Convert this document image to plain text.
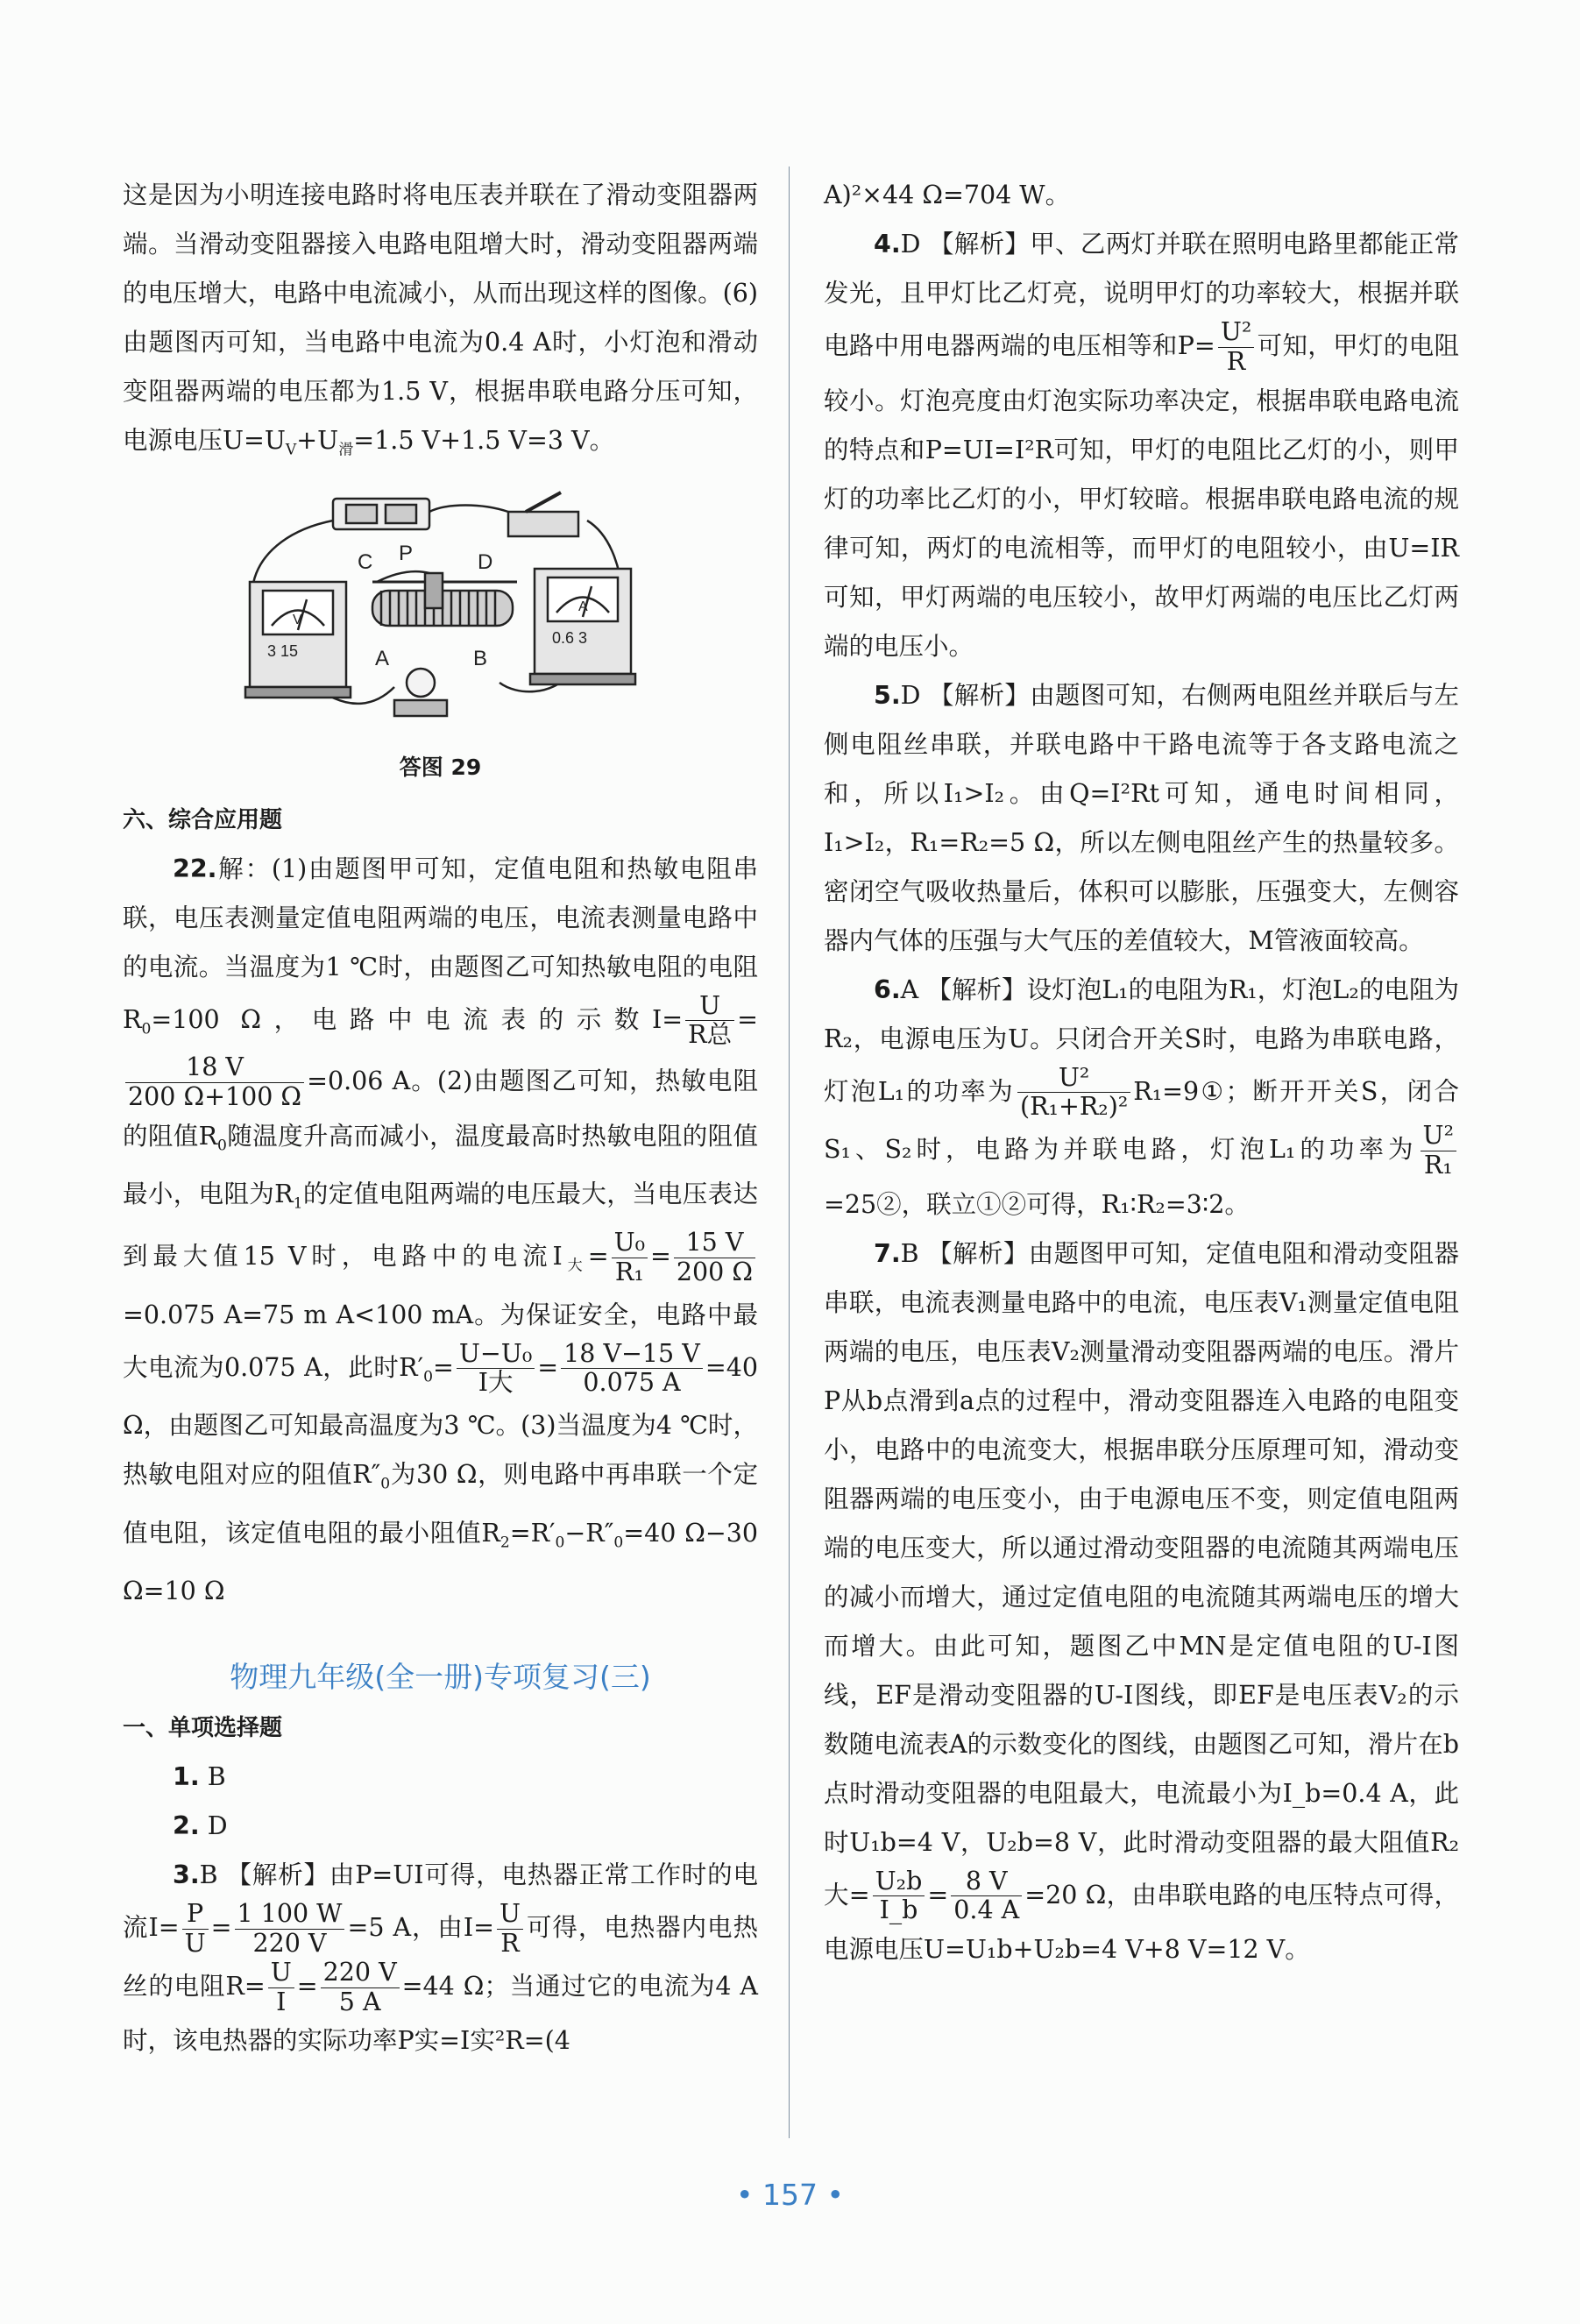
这是因为小明连接电路时将电压表并联在了滑动变阻器两端。当滑动变阻器接入电路电阻增大时，滑动变阻器两端的电压增大，电路中电流减小，从而出现这样的图像。(6)由题图丙可知，当电路中电流为0.4 A时，小灯泡和滑动变阻器两端的电压都为1.5 V，根据串联电路分压可知，电源电压$U=U_V+U_滑=1.5$ V+1.5 V=3 V。

C P	D
A	B
3 15
0.6 3
V
A
答图 29
六、综合应用题

22.解：(1)由题图甲可知，定值电阻和热敏电阻串联，电压表测量定值电阻两端的电压，电流表测量电路中的电流。当温度为1 ℃时，由题图乙可知热敏电阻的电阻$R_0=100$ Ω，电路中电流表的示数$I= \frac{U}{\text{R总}}$ =
$\frac{18 V}{200 \Omega+100 \Omega} =0.06$ A。(2)由题图乙可知，热敏电阻的阻值$R_0$随温度升高而减小，温度最高时热敏电阻的阻值最小，电阻为$R_1$的定值电阻两端的电压最大，当电压表达到最大值15 V时，电路中的电流$I_大= \frac{\text{U₀}}{\text{R₁}} = \frac{15 V}{200 \Omega}$
=0.075 A=75 m A<100 mA。为保证安全，电路中最大电流为0.075 A，此时$R'_0= \frac{\text{U−U₀}}{\text{I大}} = \frac{18 V-15 V}{0.075 A} =40$ Ω，由题图乙可知最高温度为3 ℃。(3)当温度为4 ℃时，热敏电阻对应的阻值$R''_0$为30 Ω，则电路中再串联一个定值电阻，该定值电阻的最小阻值$R_2=R'_0-R''_0=40$ Ω−30 Ω=10 Ω

物理九年级(全一册)专项复习(三)
一、单项选择题

1. B

2. D

3.B 【解析】由P=UI可得，电热器正常工作时的电流$I= \frac{P}{U} = \frac{1 100 W}{220 V} =5$ A，由$I= \frac{U}{R}$ 可得，电热器内电热丝的电阻$R= \frac{U}{I} = \frac{220 V}{5 A} =44$ Ω；当通过它的电流为4 A时，该电热器的实际功率P实=I实²R=(4

A)²×44 Ω=704 W。

4.D 【解析】甲、乙两灯并联在照明电路里都能正常发光，且甲灯比乙灯亮，说明甲灯的功率较大，根据并联电路中用电器两端的电压相等和$P= \frac{\text{U²}}{R}$ 可知，甲灯的电阻较小。灯泡亮度由灯泡实际功率决定，根据串联电路电流的特点和P=UI=I²R可知，甲灯的电阻比乙灯的小，则甲灯的功率比乙灯的小，甲灯较暗。根据串联电路电流的规律可知，两灯的电流相等，而甲灯的电阻较小，由U=IR可知，甲灯两端的电压较小，故甲灯两端的电压比乙灯两端的电压小。

5.D 【解析】由题图可知，右侧两电阻丝并联后与左侧电阻丝串联，并联电路中干路电流等于各支路电流之和，所以I₁>I₂。由Q=I²Rt可知，通电时间相同，I₁>I₂，R₁=R₂=5 Ω，所以左侧电阻丝产生的热量较多。密闭空气吸收热量后，体积可以膨胀，压强变大，左侧容器内气体的压强与大气压的差值较大，M管液面较高。

6.A 【解析】设灯泡L₁的电阻为R₁，灯泡L₂的电阻为R₂，电源电压为U。只闭合开关S时，电路为串联电路，灯泡L₁的功率为 $\frac{\text{U²}}{\text{(R₁+R₂)²}}$ R₁=9①；断开开关S，闭合S₁、S₂时，电路为并联电路，灯泡L₁的功率为 $\frac{\text{U²}}{\text{R₁}}$
=25②，联立①②可得，R₁∶R₂=3∶2。

7.B 【解析】由题图甲可知，定值电阻和滑动变阻器串联，电流表测量电路中的电流，电压表V₁测量定值电阻两端的电压，电压表V₂测量滑动变阻器两端的电压。滑片P从b点滑到a点的过程中，滑动变阻器连入电路的电阻变小，电路中的电流变大，根据串联分压原理可知，滑动变阻器两端的电压变小，由于电源电压不变，则定值电阻两端的电压变大，所以通过滑动变阻器的电流随其两端电压的减小而增大，通过定值电阻的电流随其两端电压的增大而增大。由此可知，题图乙中MN是定值电阻的U-I图线，EF是滑动变阻器的U-I图线，即EF是电压表V₂的示数随电流表A的示数变化的图线，由题图乙可知，滑片在b点时滑动变阻器的电阻最大，电流最小为I_b=0.4 A，此时U₁b=4 V，U₂b=8 V，此时滑动变阻器的最大阻值R₂大= $\frac{\text{U₂b}}{I\_b} = \frac{8 V}{0.4 A} =20$ Ω，由串联电路的电压特点可得，电源电压U=U₁b+U₂b=4 V+8 V=12 V。

• 157 •
